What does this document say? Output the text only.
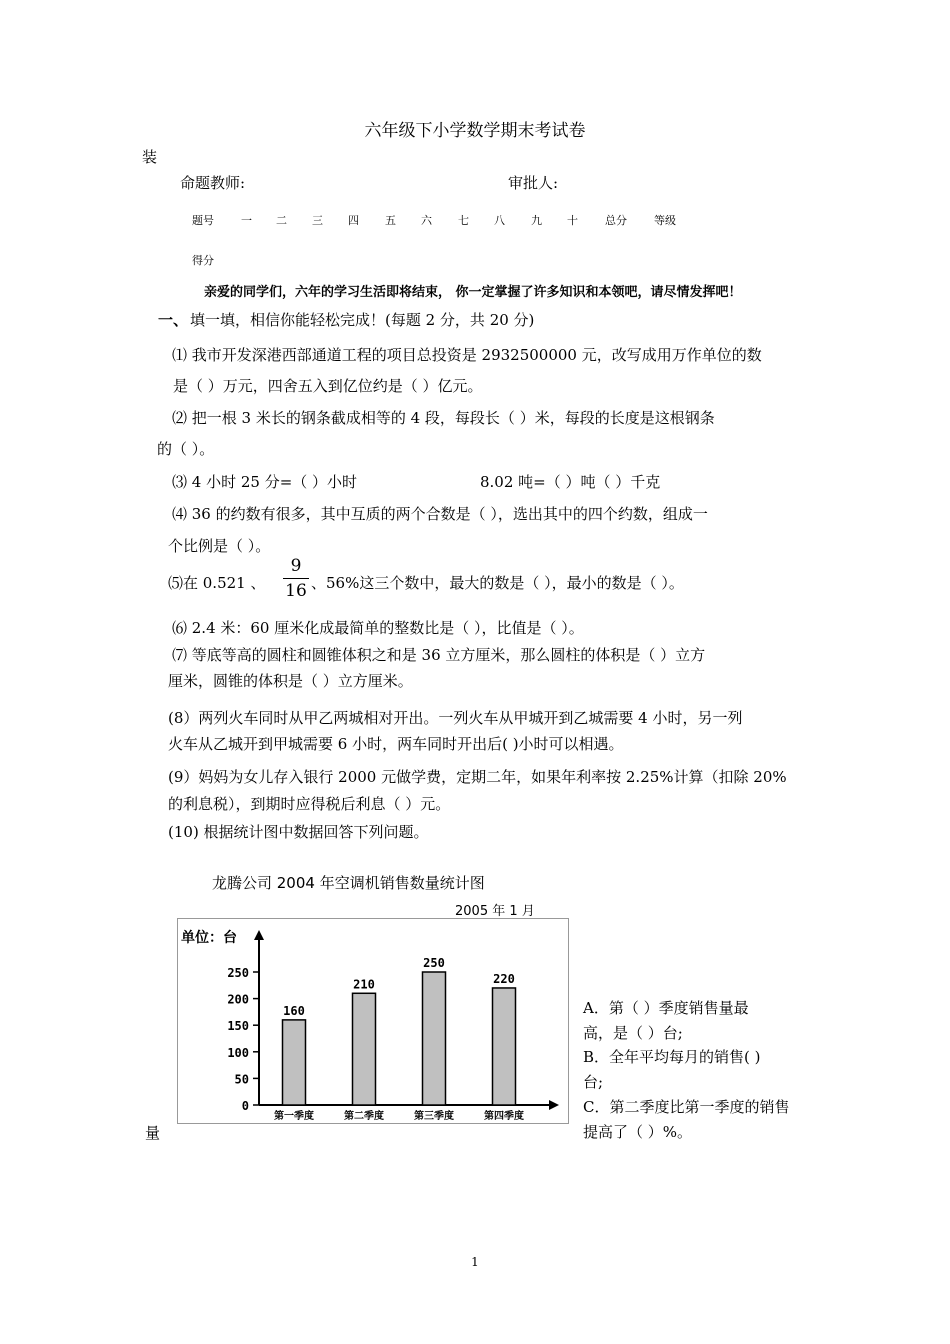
六年级下小学数学期末考试卷
装
量
命题教师:	审批人:
题号 一 二 三 四 五 六 七 八 九 十 总分 等级
得分
亲爱的同学们，六年的学习生活即将结束， 你一定掌握了许多知识和本领吧，请尽情发挥吧！
一、 填一填，相信你能轻松完成！(每题 2 分，共 20 分)
⑴ 我市开发深港西部通道工程的项目总投资是 2932500000 元，改写成用万作单位的数
是（ ）万元，四舍五入到亿位约是（ ）亿元。
⑵ 把一根 3 米长的钢条截成相等的 4 段，每段长（ ）米，每段的长度是这根钢条
的（ ）。
⑶ 4 小时 25 分=（ ）小时	8.02 吨=（ ）吨（ ）千克
⑷ 36 的约数有很多，其中互质的两个合数是（ ），选出其中的四个约数，组成一
个比例是（ ）。
⑸在 0.521 、
9
16 、56%这三个数中，最大的数是（ ），最小的数是（ ）。
⑹ 2.4 米：60 厘米化成最简单的整数比是（ ），比值是（ ）。
⑺ 等底等高的圆柱和圆锥体积之和是 36 立方厘米，那么圆柱的体积是（ ）立方
厘米，圆锥的体积是（ ）立方厘米。
(8）两列火车同时从甲乙两城相对开出。一列火车从甲城开到乙城需要 4 小时，另一列
火车从乙城开到甲城需要 6 小时，两车同时开出后( )小时可以相遇。
(9）妈妈为女儿存入银行 2000 元做学费，定期二年，如果年利率按 2.25%计算（扣除 20%
的利息税），到期时应得税后利息（ ）元。
(10) 根据统计图中数据回答下列问题。
龙腾公司 2004 年空调机销售数量统计图
2005 年 1 月
单位：台
0
50
100
150
200
250
160
第一季度
210
第二季度
250
第三季度
220
第四季度
A．第（ ）季度销售量最
高，是（ ）台;
B．全年平均每月的销售( )
台;
C．第二季度比第一季度的销售
提高了（ ）%。
1
